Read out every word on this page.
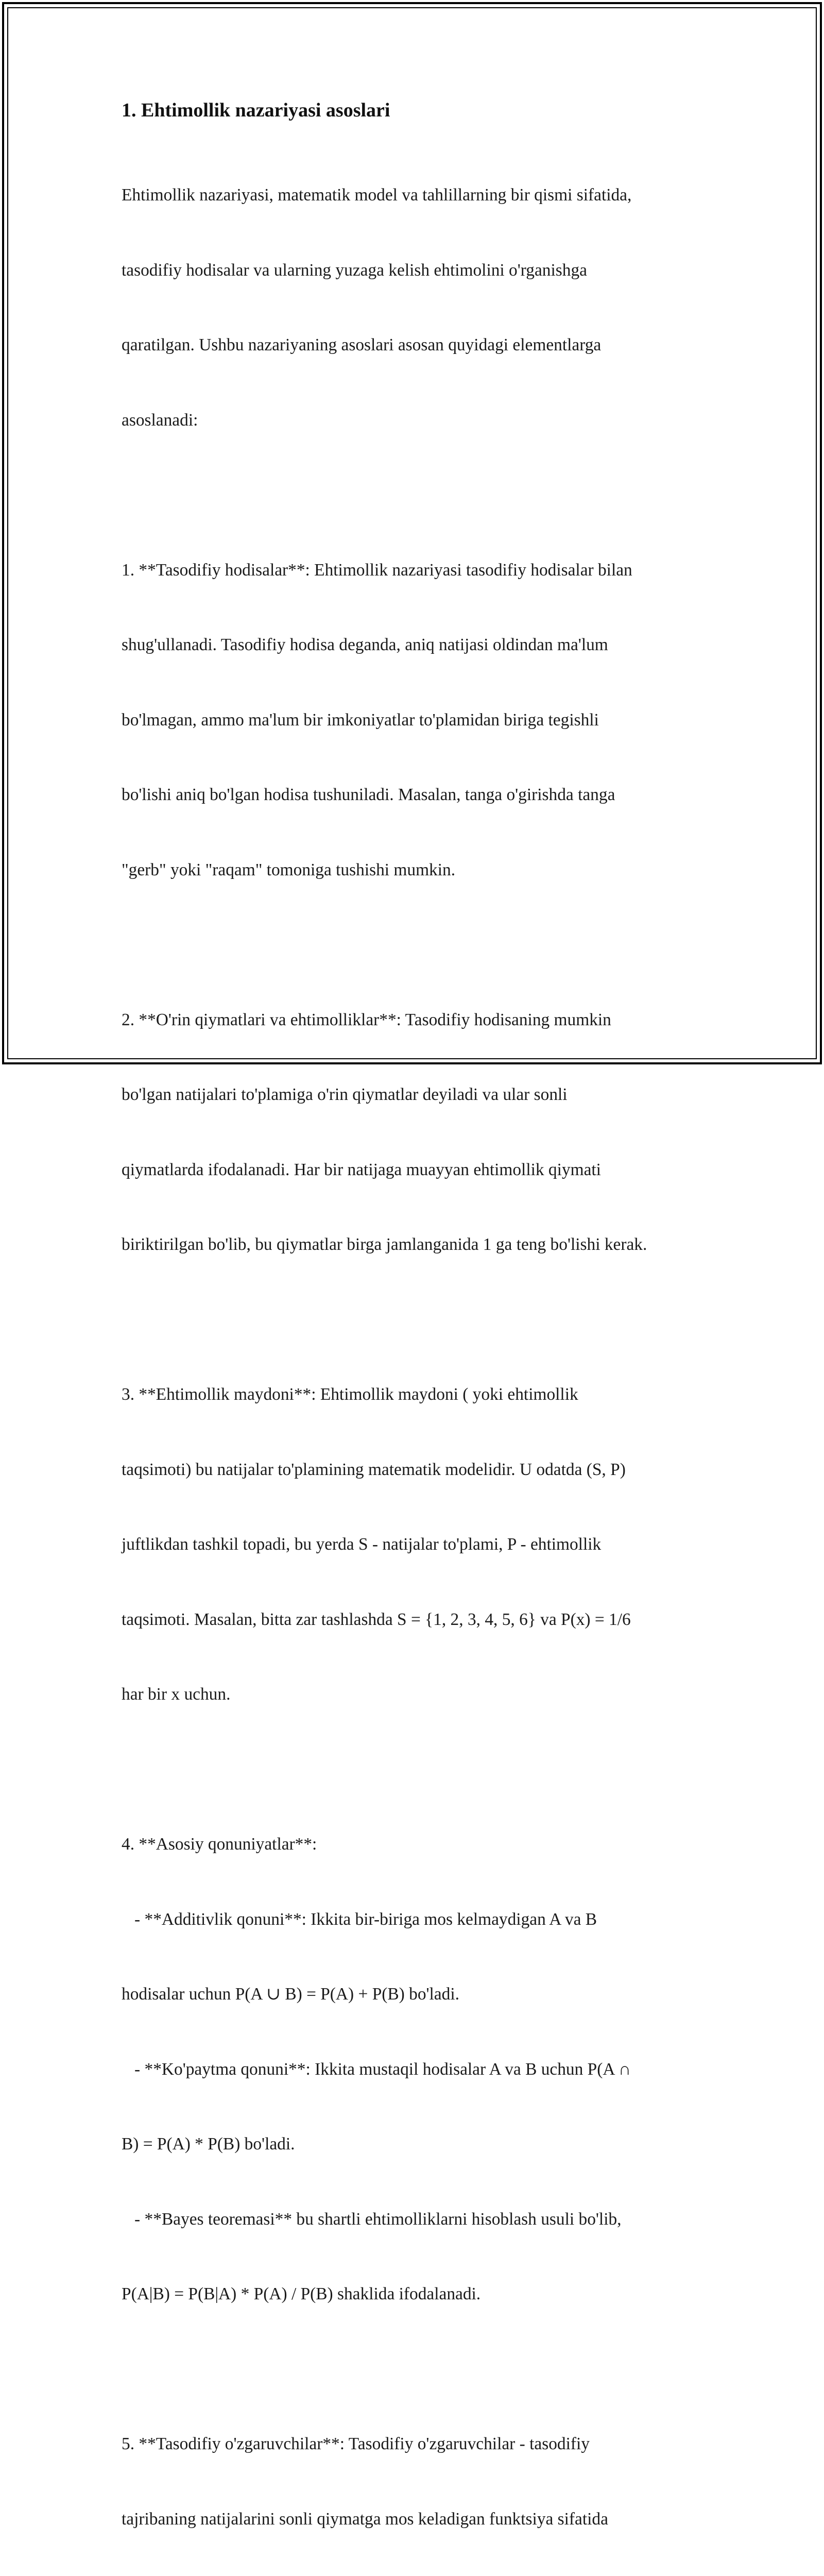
1. Ehtimollik nazariyasi asoslari

Ehtimollik nazariyasi, matematik model va tahlillarning bir qismi sifatida,

tasodifiy hodisalar va ularning yuzaga kelish ehtimolini o'rganishga

qaratilgan. Ushbu nazariyaning asoslari asosan quyidagi elementlarga

asoslanadi:

1. **Tasodifiy hodisalar**: Ehtimollik nazariyasi tasodifiy hodisalar bilan

shug'ullanadi. Tasodifiy hodisa deganda, aniq natijasi oldindan ma'lum

bo'lmagan, ammo ma'lum bir imkoniyatlar to'plamidan biriga tegishli

bo'lishi aniq bo'lgan hodisa tushuniladi. Masalan, tanga o'girishda tanga

"gerb" yoki "raqam" tomoniga tushishi mumkin.

2. **O'rin qiymatlari va ehtimolliklar**: Tasodifiy hodisaning mumkin

bo'lgan natijalari to'plamiga o'rin qiymatlar deyiladi va ular sonli

qiymatlarda ifodalanadi. Har bir natijaga muayyan ehtimollik qiymati

biriktirilgan bo'lib, bu qiymatlar birga jamlanganida 1 ga teng bo'lishi kerak.

3. **Ehtimollik maydoni**: Ehtimollik maydoni ( yoki ehtimollik

taqsimoti) bu natijalar to'plamining matematik modelidir. U odatda (S, P)

juftlikdan tashkil topadi, bu yerda S - natijalar to'plami, P - ehtimollik

taqsimoti. Masalan, bitta zar tashlashda S = {1, 2, 3, 4, 5, 6} va P(x) = 1/6

har bir x uchun.

4. **Asosiy qonuniyatlar**:

- **Additivlik qonuni**: Ikkita bir-biriga mos kelmaydigan A va B

hodisalar uchun P(A ∪ B) = P(A) + P(B) bo'ladi.

- **Ko'paytma qonuni**: Ikkita mustaqil hodisalar A va B uchun P(A ∩

B) = P(A) * P(B) bo'ladi.

- **Bayes teoremasi** bu shartli ehtimolliklarni hisoblash usuli bo'lib,

P(A|B) = P(B|A) * P(A) / P(B) shaklida ifodalanadi.

5. **Tasodifiy o'zgaruvchilar**: Tasodifiy o'zgaruvchilar - tasodifiy

tajribaning natijalarini sonli qiymatga mos keladigan funktsiya sifatida
